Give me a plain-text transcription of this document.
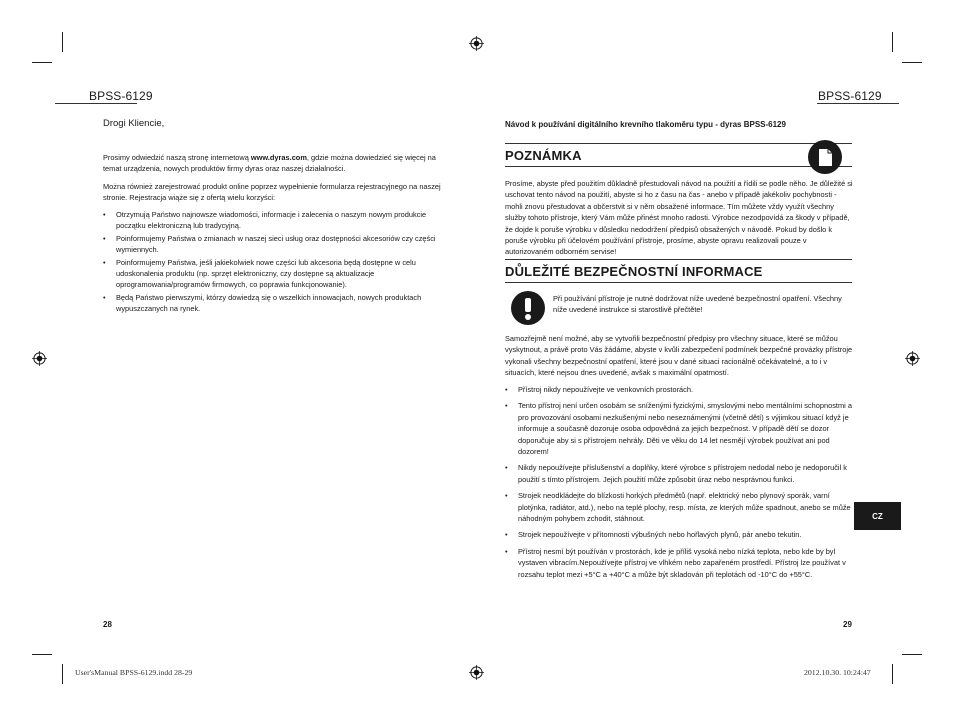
BPSS-6129
Drogi Kliencie,
Prosimy odwiedzić naszą stronę internetową www.dyras.com, gdzie można dowiedzieć się więcej na temat urządzenia, nowych produktów firmy dyras oraz naszej działalności.
Można również zarejestrować produkt online poprzez wypełnienie formularza rejestracyjnego na naszej stronie. Rejestracja wiąże się z ofertą wielu korzyści:
• Otrzymują Państwo najnowsze wiadomości, informacje i zalecenia o naszym nowym produkcie początku elektroniczną lub tradycyjną.
• Poinformujemy Państwa o zmianach w naszej sieci usług oraz dostępności akcesoriów czy części wymiennych.
• Poinformujemy Państwa, jeśli jakiekolwiek nowe części lub akcesoria będą dostępne w celu udoskonalenia produktu (np. sprzęt elektroniczny, czy dostępne są aktualizacje oprogramowania/programów firmowych, co poprawia funkcjonowanie).
• Będą Państwo pierwszymi, którzy dowiedzą się o wszelkich innowacjach, nowych produktach wypuszczanych na rynek.
28
BPSS-6129
Návod k používání digitálního krevního tlakoměru typu - dyras BPSS-6129
POZNÁMKA
Prosíme, abyste před použitím důkladně přestudovali návod na použití a řídili se podle něho. Je důležité si uschovat tento návod na použití, abyste si ho z času na čas - anebo v případě jakékoliv pochybnosti - mohli znovu přestudovat a občerstvit si v něm obsažené informace. Tím můžete vždy využít všechny služby tohoto přístroje, který Vám může přinést mnoho radosti. Výrobce nezodpovídá za škody v případě, že dojde k poruše výrobku v důsledku nedodržení předpisů obsažených v návodě. Pokud by došlo k poruše výrobku při účelovém používání přístroje, prosíme, abyste opravu realizovali pouze v autorizovaném odborném servise!
DŮLEŽITÉ BEZPEČNOSTNÍ INFORMACE
Při používání přístroje je nutné dodržovat níže uvedené bezpečnostní opatření. Všechny níže uvedené instrukce si starostlivě přečtěte!
Samozřejmě není možné, aby se vytvořili bezpečnostní předpisy pro všechny situace, které se můžou vyskytnout, a právě proto Vás žádáme, abyste v kvůli zabezpečení podmínek bezpečné provázky přístroje vykonali všechny bezpečnostní opatření, které jsou v dané situaci racionálně očekávatelné, a to i v situacích, které nejsou dnes uvedené, avšak s maximální opatrností.
• Přístroj nikdy nepoužívejte ve venkovních prostorách.
• Tento přístroj není určen osobám se sníženými fyzickými, smyslovými nebo mentálními schopnostmi a pro provozování osobami nezkušenými nebo neseznámenými (včetně dětí) s výjimkou situací když je informuje a současně dozoruje osoba odpovědná za jejich bezpečnost. V případě dětí se dozor doporučuje aby si s přístrojem nehrály. Děti ve věku do 14 let nesmějí výrobek používat ani pod dozorem!
• Nikdy nepoužívejte příslušenství a doplňky, které výrobce s přístrojem nedodal nebo je nedoporučil k použití s tímto přístrojem. Jejich použití může způsobit úraz nebo nesprávnou funkci.
• Strojek neodkládejte do blízkosti horkých předmětů (např. elektrický nebo plynový sporák, varní plotýnka, radiátor, atd.), nebo na teplé plochy, resp. místa, ze kterých může spadnout, anebo se může náhodným pohybem zchodit, stáhnout.
• Strojek nepoužívejte v přítomnosti výbušných nebo hořlavých plynů, pár anebo tekutin.
• Přístroj nesmí být používán v prostorách, kde je příliš vysoká nebo nízká teplota, nebo kde by byl vystaven vibracím.Nepoužívejte přístroj ve vlhkém nebo zapařeném prostředí. Přístroj lze používat v rozsahu teplot mezi +5°C a +40°C a může být skladován při teplotách od -10°C do +55°C.
CZ
29
User'sManual BPSS-6129.indd 28-29	2012.10.30. 10:24:47
